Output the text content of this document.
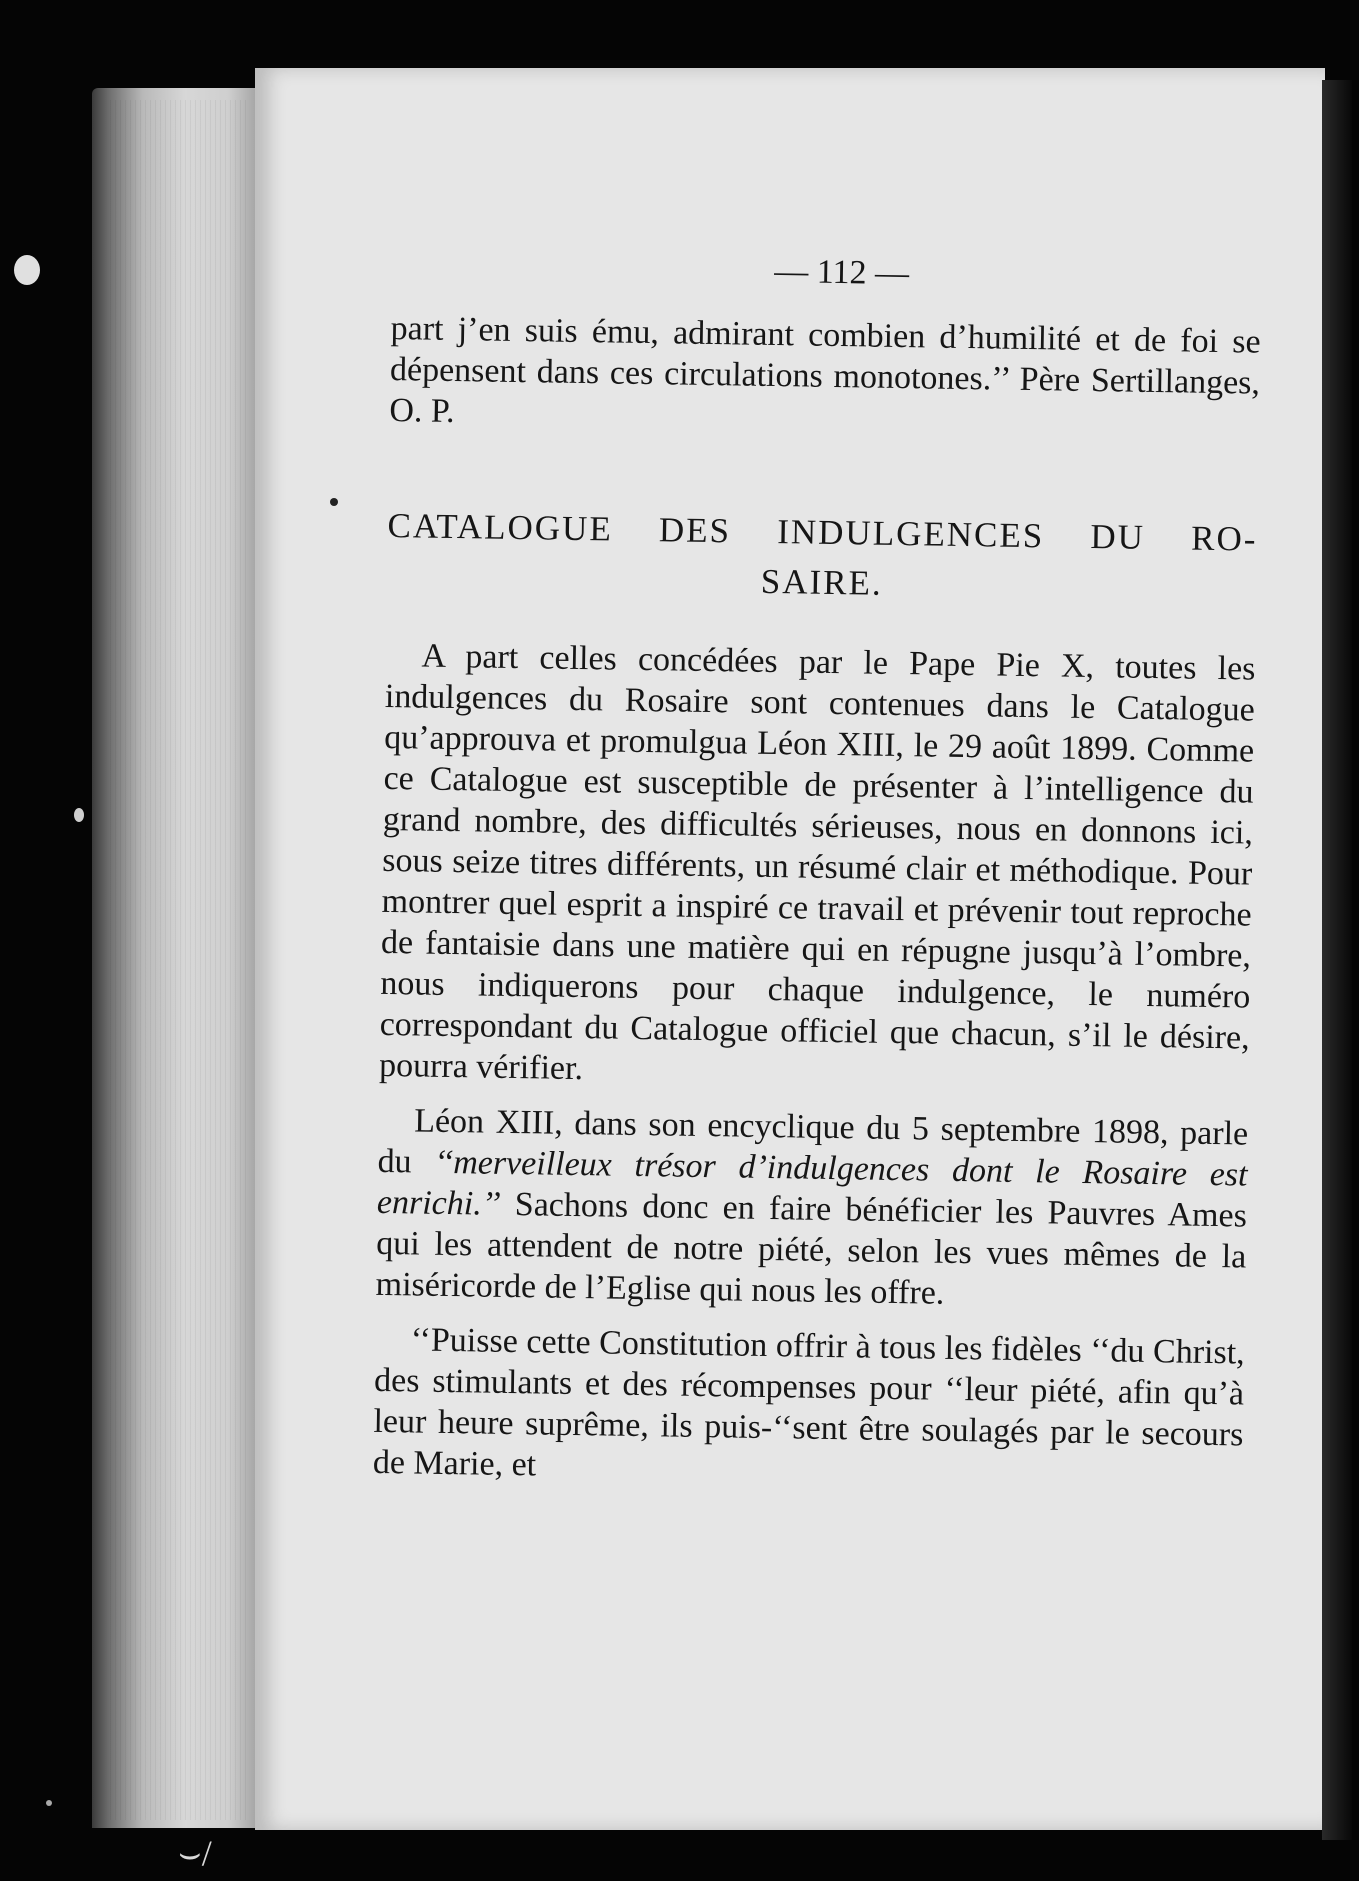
⌣/
— 112 —

part j’en suis ému, admirant combien d’humilité et de foi se dépensent dans ces circulations monotones.’’ Père Sertillanges, O. P.

CATALOGUE DES INDULGENCES DU RO-
SAIRE.

A part celles concédées par le Pape Pie X, toutes les indulgences du Rosaire sont contenues dans le Catalogue qu’approuva et promulgua Léon XIII, le 29 août 1899. Comme ce Catalogue est susceptible de présenter à l’intelligence du grand nombre, des difficultés sérieuses, nous en donnons ici, sous seize titres différents, un résumé clair et méthodique. Pour montrer quel esprit a inspiré ce travail et prévenir tout reproche de fantaisie dans une matière qui en répugne jusqu’à l’ombre, nous indiquerons pour chaque indulgence, le numéro correspondant du Catalogue officiel que chacun, s’il le désire, pourra vérifier.

Léon XIII, dans son encyclique du 5 septembre 1898, parle du ‘‘merveilleux trésor d’indulgences dont le Rosaire est enrichi.’’ Sachons donc en faire bénéficier les Pauvres Ames qui les attendent de notre piété, selon les vues mêmes de la miséricorde de l’Eglise qui nous les offre.

‘‘Puisse cette Constitution offrir à tous les fidèles ‘‘du Christ, des stimulants et des récompenses pour ‘‘leur piété, afin qu’à leur heure suprême, ils puis-‘‘sent être soulagés par le secours de Marie, et
